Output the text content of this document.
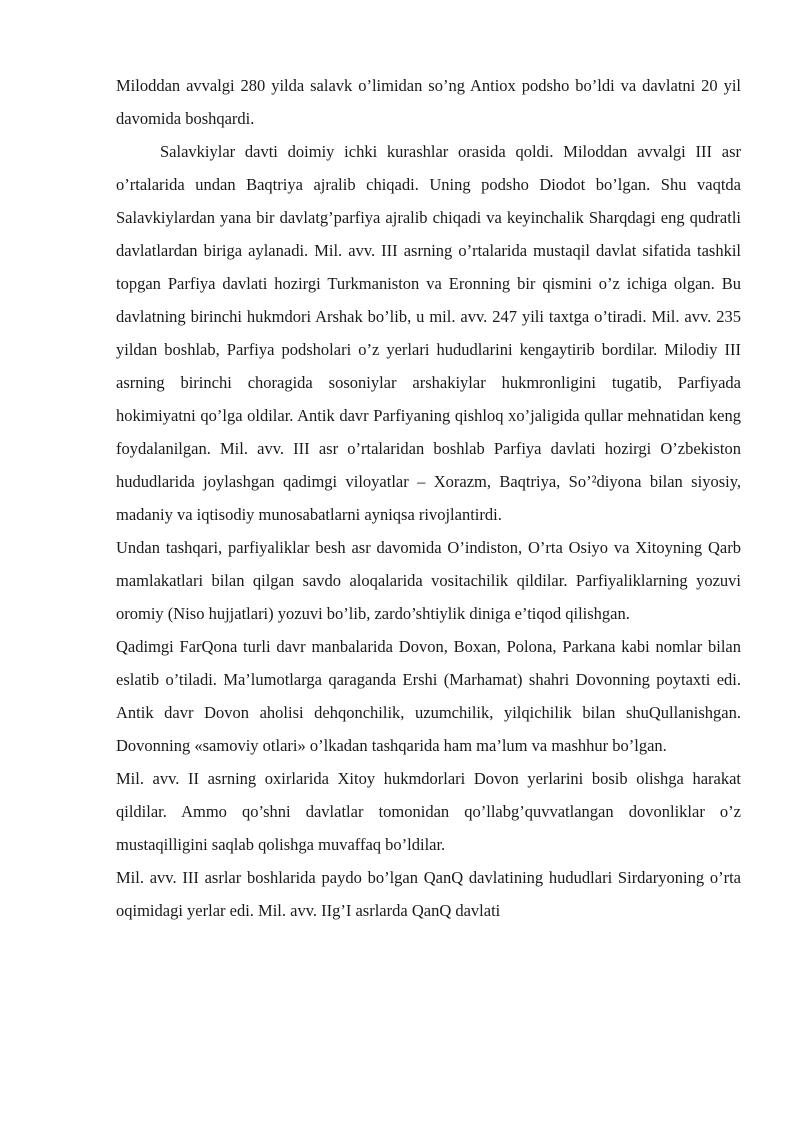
Miloddan avvalgi 280 yilda salavk o’limidan so’ng Antiox podsho bo’ldi va davlatni 20 yil davomida boshqardi.

Salavkiylar davti doimiy ichki kurashlar orasida qoldi. Miloddan avvalgi III asr o’rtalarida undan Baqtriya ajralib chiqadi. Uning podsho Diodot bo’lgan. Shu vaqtda Salavkiylardan yana bir davlatg’parfiya ajralib chiqadi va keyinchalik Sharqdagi eng qudratli davlatlardan biriga aylanadi. Mil. avv. III asrning o’rtalarida mustaqil davlat sifatida tashkil topgan Parfiya davlati hozirgi Turkmaniston va Eronning bir qismini o’z ichiga olgan. Bu davlatning birinchi hukmdori Arshak bo’lib, u mil. avv. 247 yili taxtga o’tiradi. Mil. avv. 235 yildan boshlab, Parfiya podsholari o’z yerlari hududlarini kengaytirib bordilar. Milodiy III asrning birinchi choragida sosoniylar arshakiylar hukmronligini tugatib, Parfiyada hokimiyatni qo’lga oldilar. Antik davr Parfiyaning qishloq xo’jaligida qullar mehnatidan keng foydalanilgan. Mil. avv. III asr o’rtalaridan boshlab Parfiya davlati hozirgi O’zbekiston hududlarida joylashgan qadimgi viloyatlar – Xorazm, Baqtriya, So’²diyona bilan siyosiy, madaniy va iqtisodiy munosabatlarni ayniqsa rivojlantirdi.

Undan tashqari, parfiyaliklar besh asr davomida O’indiston, O’rta Osiyo va Xitoyning Qarb mamlakatlari bilan qilgan savdo aloqalarida vositachilik qildilar. Parfiyaliklarning yozuvi oromiy (Niso hujjatlari) yozuvi bo’lib, zardo’shtiylik diniga e’tiqod qilishgan.

Qadimgi FarQona turli davr manbalarida Dovon, Boxan, Polona, Parkana kabi nomlar bilan eslatib o’tiladi. Ma’lumotlarga qaraganda Ershi (Marhamat) shahri Dovonning poytaxti edi. Antik davr Dovon aholisi dehqonchilik, uzumchilik, yilqichilik bilan shuQullanishgan. Dovonning «samoviy otlari» o’lkadan tashqarida ham ma’lum va mashhur bo’lgan.

Mil. avv. II asrning oxirlarida Xitoy hukmdorlari Dovon yerlarini bosib olishga harakat qildilar. Ammo qo’shni davlatlar tomonidan qo’llabg’quvvatlangan dovonliklar o’z mustaqilligini saqlab qolishga muvaffaq bo’ldilar.

Mil. avv. III asrlar boshlarida paydo bo’lgan QanQ davlatining hududlari Sirdaryoning o’rta oqimidagi yerlar edi. Mil. avv. IIg’I asrlarda QanQ davlati
